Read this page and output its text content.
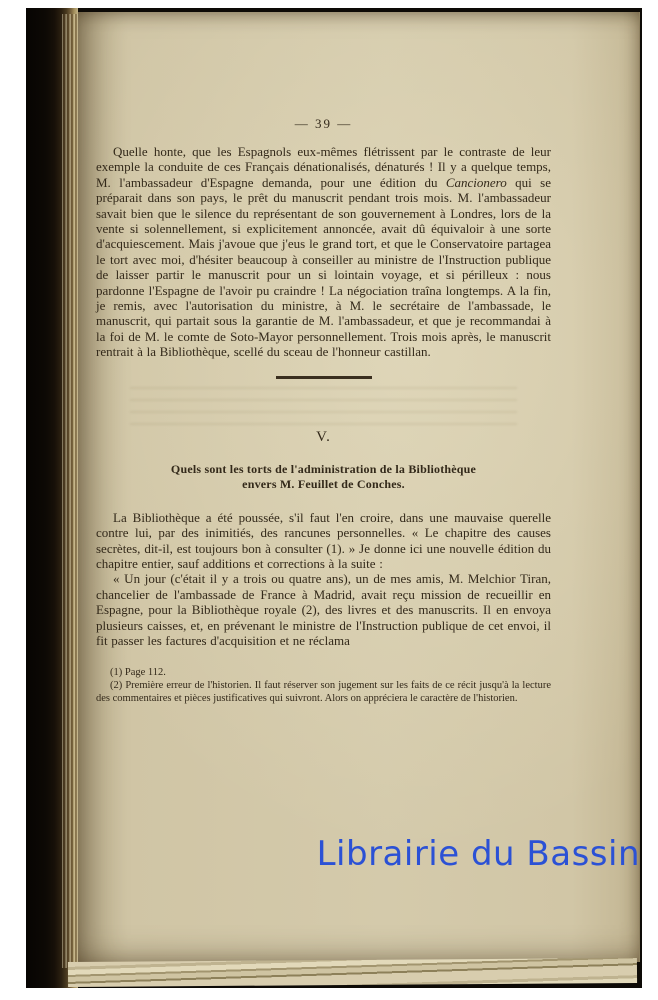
— 39 —

Quelle honte, que les Espagnols eux-mêmes flétrissent par le contraste de leur exemple la conduite de ces Français dénationalisés, dénaturés ! Il y a quelque temps, M. l'ambassadeur d'Espagne demanda, pour une édition du Cancionero qui se préparait dans son pays, le prêt du manuscrit pendant trois mois. M. l'ambassadeur savait bien que le silence du représentant de son gouvernement à Londres, lors de la vente si solennellement, si explicitement annoncée, avait dû équivaloir à une sorte d'acquiescement. Mais j'avoue que j'eus le grand tort, et que le Conservatoire partagea le tort avec moi, d'hésiter beaucoup à conseiller au ministre de l'Instruction publique de laisser partir le manuscrit pour un si lointain voyage, et si périlleux : nous pardonne l'Espagne de l'avoir pu craindre ! La négociation traîna longtemps. A la fin, je remis, avec l'autorisation du ministre, à M. le secrétaire de l'ambassade, le manuscrit, qui partait sous la garantie de M. l'ambassadeur, et que je recommandai à la foi de M. le comte de Soto-Mayor personnellement. Trois mois après, le manuscrit rentrait à la Bibliothèque, scellé du sceau de l'honneur castillan.

V.
Quels sont les torts de l'administration de la Bibliothèque
envers M. Feuillet de Conches.

La Bibliothèque a été poussée, s'il faut l'en croire, dans une mauvaise querelle contre lui, par des inimitiés, des rancunes personnelles. « Le chapitre des causes secrètes, dit-il, est toujours bon à consulter (1). » Je donne ici une nouvelle édition du chapitre entier, sauf additions et corrections à la suite :

« Un jour (c'était il y a trois ou quatre ans), un de mes amis, M. Melchior Tiran, chancelier de l'ambassade de France à Madrid, avait reçu mission de recueillir en Espagne, pour la Bibliothèque royale (2), des livres et des manuscrits. Il en envoya plusieurs caisses, et, en prévenant le ministre de l'Instruction publique de cet envoi, il fit passer les factures d'acquisition et ne réclama

(1) Page 112.

(2) Première erreur de l'historien. Il faut réserver son jugement sur les faits de ce récit jusqu'à la lecture des commentaires et pièces justificatives qui suivront. Alors on appréciera le caractère de l'historien.

Librairie du Bassin
